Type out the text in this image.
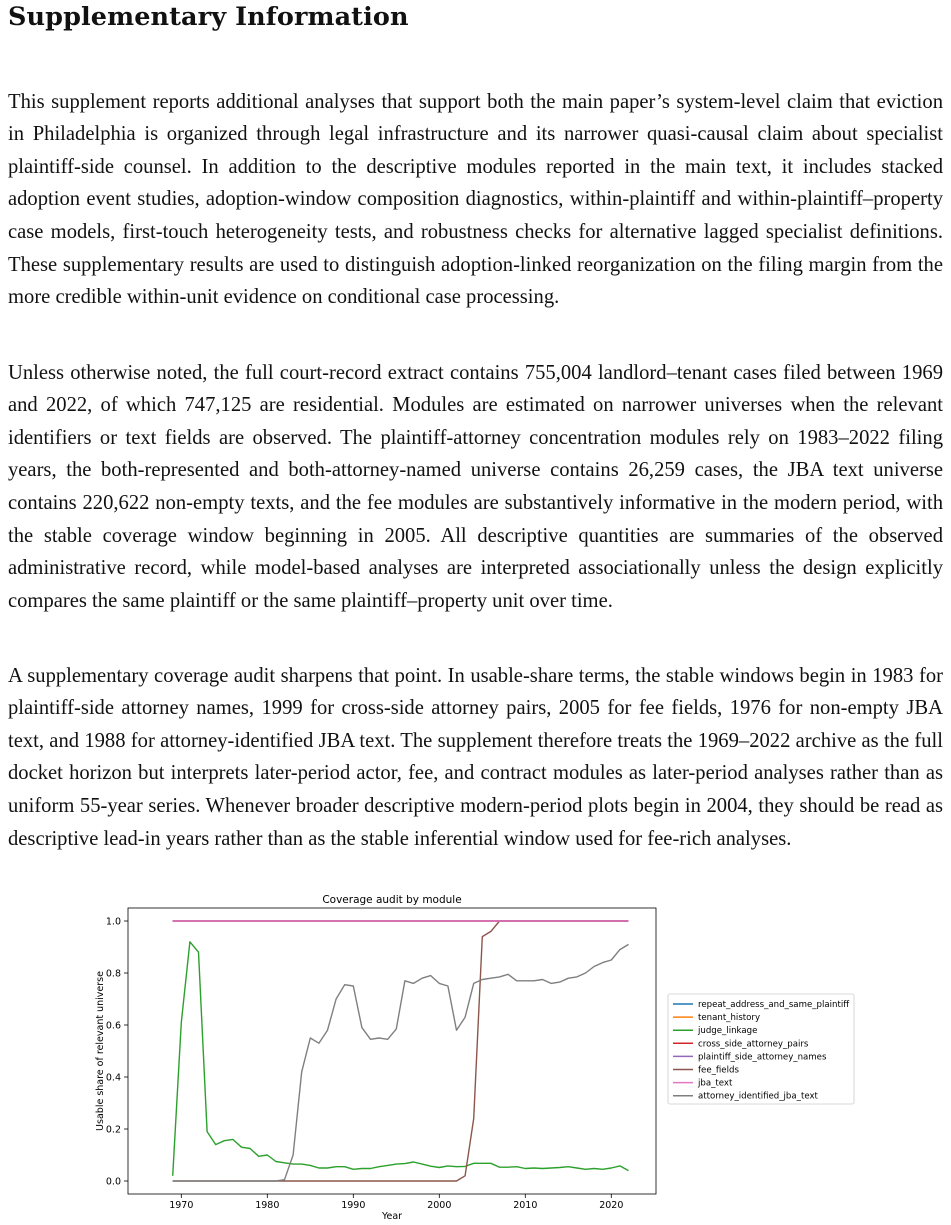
Supplementary Information

This supplement reports additional analyses that support both the main paper’s system-level claim that eviction in Philadelphia is organized through legal infrastructure and its narrower quasi-causal claim about specialist plaintiff-side counsel. In addition to the descriptive modules reported in the main text, it includes stacked adoption event studies, adoption-window composition diagnostics, within-plaintiff and within-plaintiff–property case models, first-touch heterogeneity tests, and robustness checks for alternative lagged specialist definitions. These supplementary results are used to distinguish adoption-linked reorganization on the filing margin from the more credible within-unit evidence on conditional case processing.

Unless otherwise noted, the full court-record extract contains 755,004 landlord–tenant cases filed between 1969 and 2022, of which 747,125 are residential. Modules are estimated on narrower universes when the relevant identifiers or text fields are observed. The plaintiff-attorney concentration modules rely on 1983–2022 filing years, the both-represented and both-attorney-named universe contains 26,259 cases, the JBA text universe contains 220,622 non-empty texts, and the fee modules are substantively informative in the modern period, with the stable coverage window beginning in 2005. All descriptive quantities are summaries of the observed administrative record, while model-based analyses are interpreted associationally unless the design explicitly compares the same plaintiff or the same plaintiff–property unit over time.

A supplementary coverage audit sharpens that point. In usable-share terms, the stable windows begin in 1983 for plaintiff-side attorney names, 1999 for cross-side attorney pairs, 2005 for fee fields, 1976 for non-empty JBA text, and 1988 for attorney-identified JBA text. The supplement therefore treats the 1969–2022 archive as the full docket horizon but interprets later-period actor, fee, and contract modules as later-period analyses rather than as uniform 55-year series. Whenever broader descriptive modern-period plots begin in 2004, they should be read as descriptive lead-in years rather than as the stable inferential window used for fee-rich analyses.

Coverage audit by module
1970	1980	1990	2000	2010	2020
0.0
0.2
0.4
0.6
0.8
1.0
Year
Usable share of relevant universe	repeat_address_and_same_plaintiff
tenant_history
judge_linkage
cross_side_attorney_pairs
plaintiff_side_attorney_names
fee_fields
jba_text
attorney_identified_jba_text
